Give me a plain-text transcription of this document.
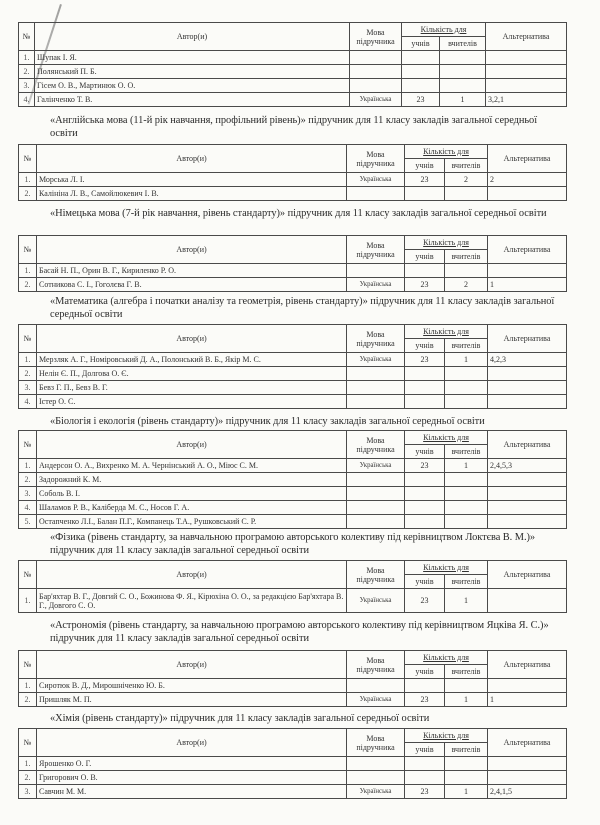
№	Автор(и)	Мова підручника	Кількість для		Альтернатива
			учнів	вчителів	
1.	Шупак І. Я.				
2.	Полянський П. Б.				
3.	Гісем О. В., Мартинюк О. О.				
4.	Галінченко Т. В.	Українська	23	1	3,2,1
«Англійська мова (11-й рік навчання, профільний рівень)» підручник для 11 класу закладів загальної середньої освіти
№	Автор(и)	Мова підручника	Кількість для		Альтернатива
			учнів	вчителів	
1.	Морська Л. І.	Українська	23	2	2
2.	Калініна Л. В., Самойлюкевич І. В.				
«Німецька мова (7-й рік навчання, рівень стандарту)» підручник для 11 класу закладів загальної середньої освіти
№	Автор(и)	Мова підручника	Кількість для		Альтернатива
			учнів	вчителів	
1.	Басай Н. П., Орин В. Г., Кириленко Р. О.				
2.	Сотникова С. І., Гоголєва Г. В.	Українська	23	2	1
«Математика (алгебра і початки аналізу та геометрія, рівень стандарту)» підручник для 11 класу закладів загальної середньої освіти
№	Автор(и)	Мова підручника	Кількість для		Альтернатива
			учнів	вчителів	
1.	Мерзляк А. Г., Номіровський Д. А., Полонський В. Б., Якір М. С.	Українська	23	1	4,2,3
2.	Нелін Є. П., Долгова О. Є.				
3.	Бевз Г. П., Бевз В. Г.				
4.	Істер О. С.				
«Біологія і екологія (рівень стандарту)» підручник для 11 класу закладів загальної середньої освіти
№	Автор(и)	Мова підручника	Кількість для		Альтернатива
			учнів	вчителів	
1.	Андерсон О. А., Вихренко М. А. Чернінський А. О., Міюс С. М.	Українська	23	1	2,4,5,3
2.	Задорожний К. М.				
3.	Соболь В. І.				
4.	Шаламов Р. В., Каліберда М. С., Носов Г. А.				
5.	Остапченко Л.І., Балан П.Г., Компанець Т.А., Рушковський С. Р.				
«Фізика (рівень стандарту, за навчальною програмою авторського колективу під керівництвом Локтєва В. М.)» підручник для 11 класу закладів загальної середньої освіти
№	Автор(и)	Мова підручника	Кількість для		Альтернатива
			учнів	вчителів	
1.	Бар'яхтар В. Г., Довгий С. О., Божинова Ф. Я., Кірюхіна О. О., за редакцією Бар'яхтара В. Г., Довгого С. О.	Українська	23	1	
«Астрономія (рівень стандарту, за навчальною програмою авторського колективу під керівництвом Яцківа Я. С.)» підручник для 11 класу закладів загальної середньої освіти
№	Автор(и)	Мова підручника	Кількість для		Альтернатива
			учнів	вчителів	
1.	Сиротюк В. Д., Мирошніченко Ю. Б.				
2.	Пришляк М. П.	Українська	23	1	1
«Хімія (рівень стандарту)» підручник для 11 класу закладів загальної середньої освіти
№	Автор(и)	Мова підручника	Кількість для		Альтернатива
			учнів	вчителів	
1.	Ярошенко О. Г.				
2.	Григорович О. В.				
3.	Савчин М. М.	Українська	23	1	2,4,1,5
